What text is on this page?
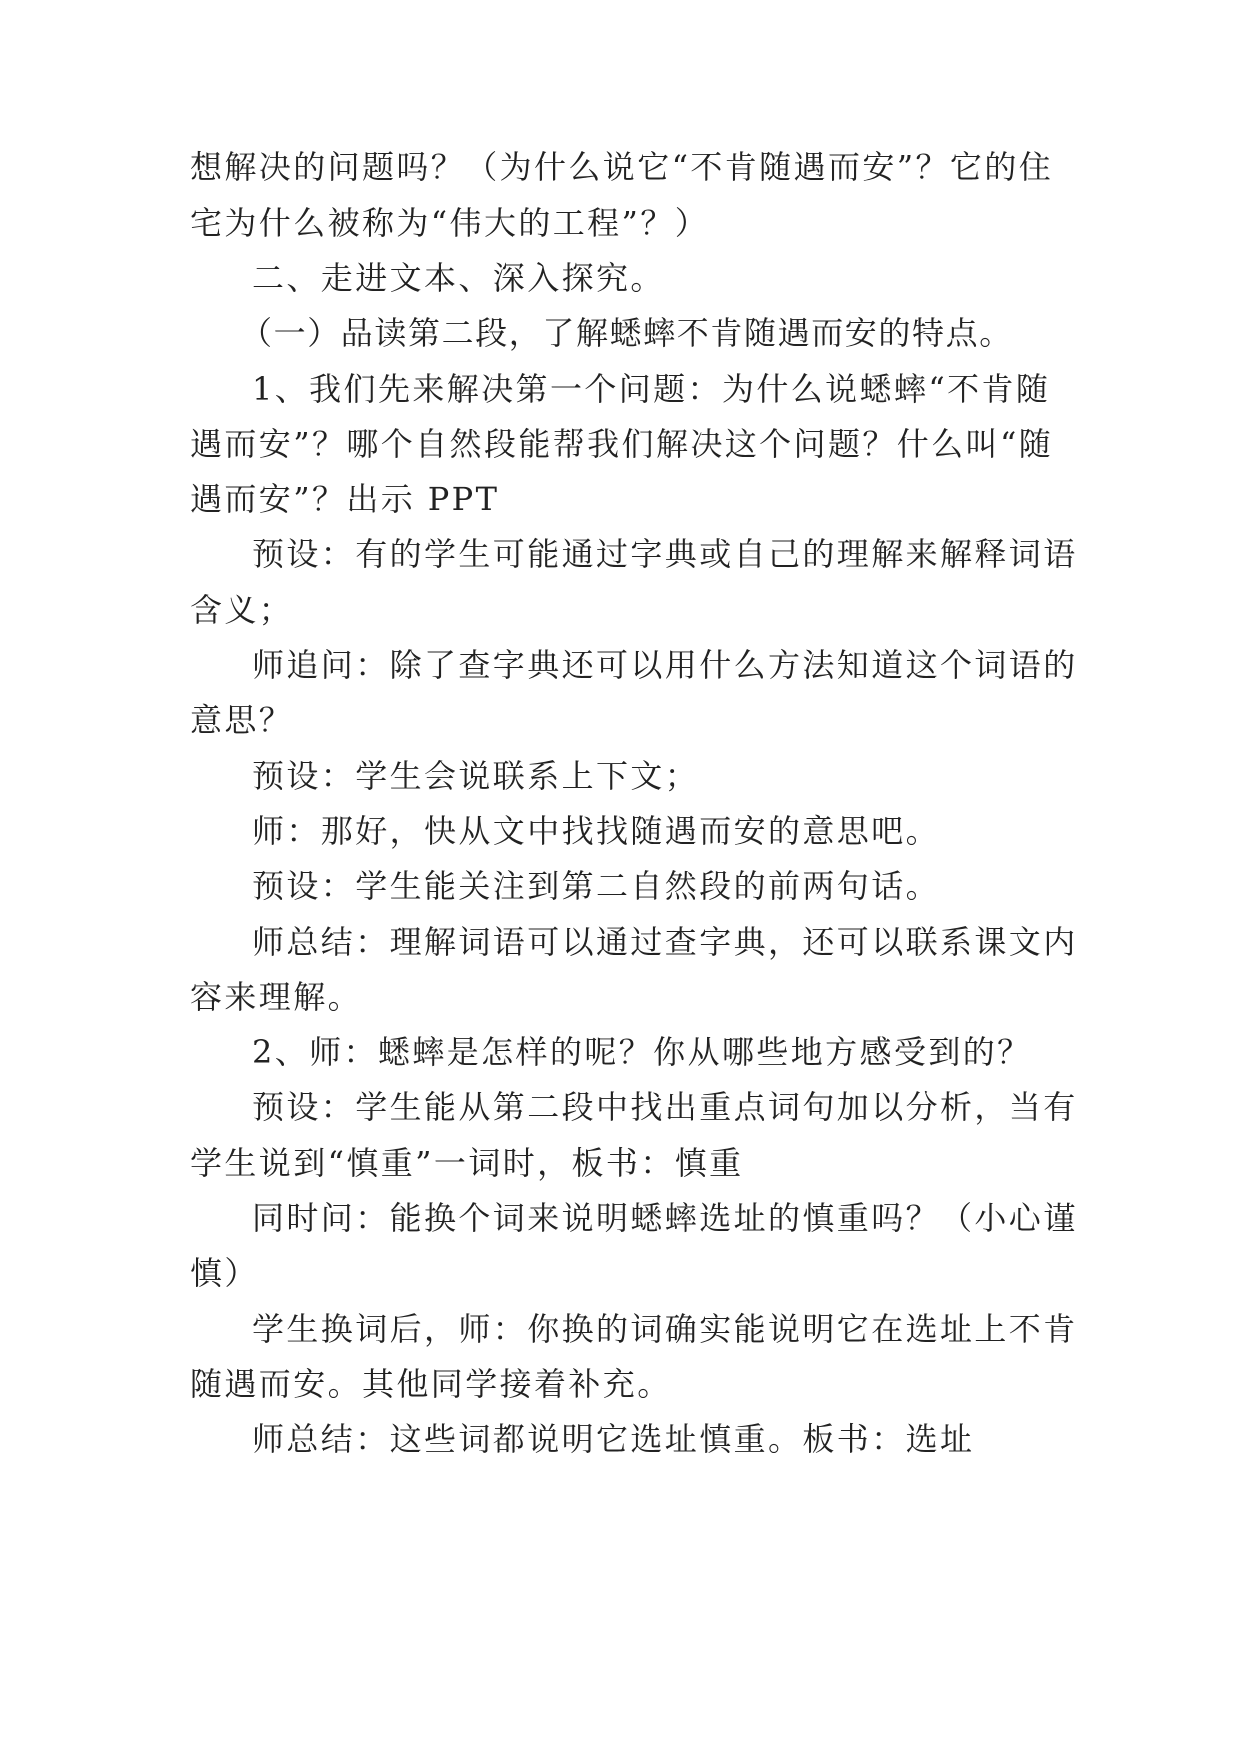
想解决的问题吗？（为什么说它“不肯随遇而安”？它的住
宅为什么被称为“伟大的工程”？）
二、走进文本、深入探究。
（一）品读第二段，了解蟋蟀不肯随遇而安的特点。
1、我们先来解决第一个问题：为什么说蟋蟀“不肯随
遇而安”？哪个自然段能帮我们解决这个问题？什么叫“随
遇而安”？出示 PPT
预设：有的学生可能通过字典或自己的理解来解释词语
含义；
师追问：除了查字典还可以用什么方法知道这个词语的
意思？
预设：学生会说联系上下文；
师：那好，快从文中找找随遇而安的意思吧。
预设：学生能关注到第二自然段的前两句话。
师总结：理解词语可以通过查字典，还可以联系课文内
容来理解。
2、师：蟋蟀是怎样的呢？你从哪些地方感受到的？
预设：学生能从第二段中找出重点词句加以分析，当有
学生说到“慎重”一词时，板书：慎重
同时问：能换个词来说明蟋蟀选址的慎重吗？（小心谨
慎）
学生换词后，师：你换的词确实能说明它在选址上不肯
随遇而安。其他同学接着补充。
师总结：这些词都说明它选址慎重。板书：选址
